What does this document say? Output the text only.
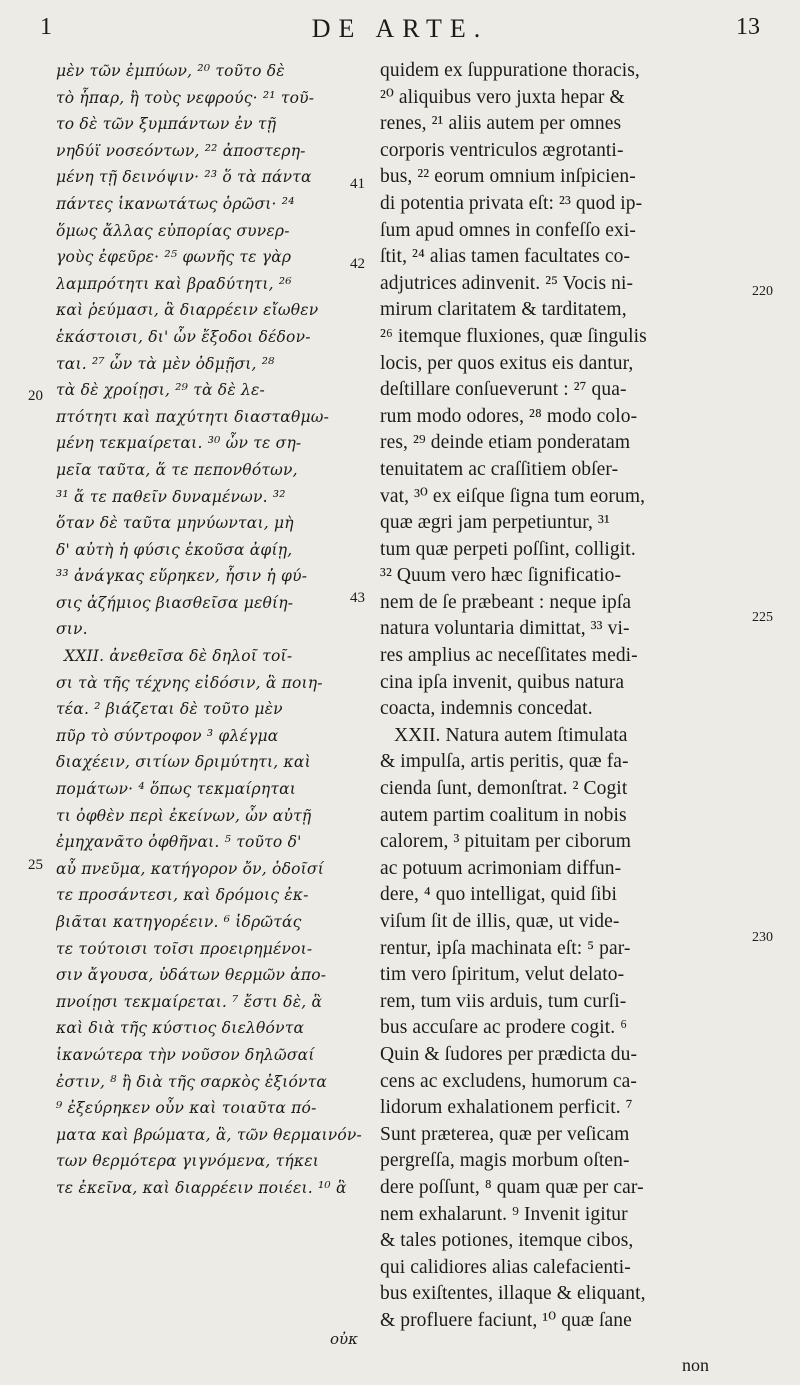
1	DE ARTE.	13
μὲν τῶν ἐμπύων, ²⁰ τοῦτο δὲ
τὸ ἧπαρ, ἢ τοὺς νεφρούς· ²¹ τοῦ-
το δὲ τῶν ξυμπάντων ἐν τῇ
νηδύϊ νοσεόντων, ²² ἀποστερη-
μένη τῇ δεινόψιν· ²³ ὅ τὰ πάντα
πάντες ἱκανωτάτως ὁρῶσι· ²⁴
ὅμως ἄλλας εὐπορίας συνερ-
γοὺς ἐφεῦρε· ²⁵ φωνῆς τε γὰρ
λαμπρότητι καὶ βραδύτητι, ²⁶
καὶ ῥεύμασι, ἃ διαρρέειν εἴωθεν
ἑκάστοισι, δι' ὧν ἔξοδοι δέδον-
ται. ²⁷ ὧν τὰ μὲν ὀδμῇσι, ²⁸
τὰ δὲ χροίῃσι, ²⁹ τὰ δὲ λε-
πτότητι καὶ παχύτητι διασταθμω-
μένη τεκμαίρεται. ³⁰ ὧν τε ση-
μεῖα ταῦτα, ἅ τε πεπονθότων,
³¹ ἅ τε παθεῖν δυναμένων. ³²
ὅταν δὲ ταῦτα μηνύωνται, μὴ
δ' αὐτὴ ἡ φύσις ἑκοῦσα ἀφίῃ,
³³ ἀνάγκας εὕρηκεν, ἧσιν ἡ φύ-
σις ἀζήμιος βιασθεῖσα μεθίη-
σιν.
XXII. ἀνεθεῖσα δὲ δηλοῖ τοῖ-
σι τὰ τῆς τέχνης εἰδόσιν, ἃ ποιη-
τέα. ² βιάζεται δὲ τοῦτο μὲν
πῦρ τὸ σύντροφον ³ φλέγμα
διαχέειν, σιτίων δριμύτητι, καὶ
πομάτων· ⁴ ὅπως τεκμαίρηται
τι ὀφθὲν περὶ ἐκείνων, ὧν αὐτῇ
ἐμηχανᾶτο ὀφθῆναι. ⁵ τοῦτο δ'
αὖ πνεῦμα, κατήγορον ὄν, ὁδοῖσί
τε προσάντεσι, καὶ δρόμοις ἐκ-
βιᾶται κατηγορέειν. ⁶ ἱδρῶτάς
τε τούτοισι τοῖσι προειρημένοι-
σιν ἄγουσα, ὑδάτων θερμῶν ἀπο-
πνοίῃσι τεκμαίρεται. ⁷ ἔστι δὲ, ἃ
καὶ διὰ τῆς κύστιος διελθόντα
ἱκανώτερα τὴν νοῦσον δηλῶσαί
ἐστιν, ⁸ ἢ διὰ τῆς σαρκὸς ἐξιόντα
⁹ ἐξεύρηκεν οὖν καὶ τοιαῦτα πό-
ματα καὶ βρώματα, ἃ, τῶν θερμαινόν-
των θερμότερα γιγνόμενα, τήκει
τε ἐκεῖνα, καὶ διαρρέειν ποιέει. ¹⁰ ἃ
quidem ex ſuppuratione thoracis,
²⁰ aliquibus vero juxta hepar &
renes, ²¹ aliis autem per omnes
corporis ventriculos ægrotanti-
bus, ²² eorum omnium inſpicien-
di potentia privata eſt: ²³ quod ip-
ſum apud omnes in confeſſo exi-
ſtit, ²⁴ alias tamen facultates co-
adjutrices adinvenit. ²⁵ Vocis ni-
mirum claritatem & tarditatem,
²⁶ itemque fluxiones, quæ ſingulis
locis, per quos exitus eis dantur,
deſtillare conſueverunt : ²⁷ qua-
rum modo odores, ²⁸ modo colo-
res, ²⁹ deinde etiam ponderatam
tenuitatem ac craſſitiem obſer-
vat, ³⁰ ex eiſque ſigna tum eorum,
quæ ægri jam perpetiuntur, ³¹
tum quæ perpeti poſſint, colligit.
³² Quum vero hæc ſignificatio-
nem de ſe præbeant : neque ipſa
natura voluntaria dimittat, ³³ vi-
res amplius ac neceſſitates medi-
cina ipſa invenit, quibus natura
coacta, indemnis concedat.
XXII. Natura autem ſtimulata
& impulſa, artis peritis, quæ fa-
cienda ſunt, demonſtrat. ² Cogit
autem partim coalitum in nobis
calorem, ³ pituitam per ciborum
ac potuum acrimoniam diffun-
dere, ⁴ quo intelligat, quid ſibi
viſum ſit de illis, quæ, ut vide-
rentur, ipſa machinata eſt: ⁵ par-
tim vero ſpiritum, velut delato-
rem, tum viis arduis, tum curſi-
bus accuſare ac prodere cogit. ⁶
Quin & ſudores per prædicta du-
cens ac excludens, humorum ca-
lidorum exhalationem perficit. ⁷
Sunt præterea, quæ per veſicam
pergreſſa, magis morbum oſten-
dere poſſunt, ⁸ quam quæ per car-
nem exhalarunt. ⁹ Invenit igitur
& tales potiones, itemque cibos,
qui calidiores alias calefacienti-
bus exiſtentes, illaque & eliquant,
& profluere faciunt, ¹⁰ quæ ſane
20
25
41
42
43
220
225
230
οὐκ
non
